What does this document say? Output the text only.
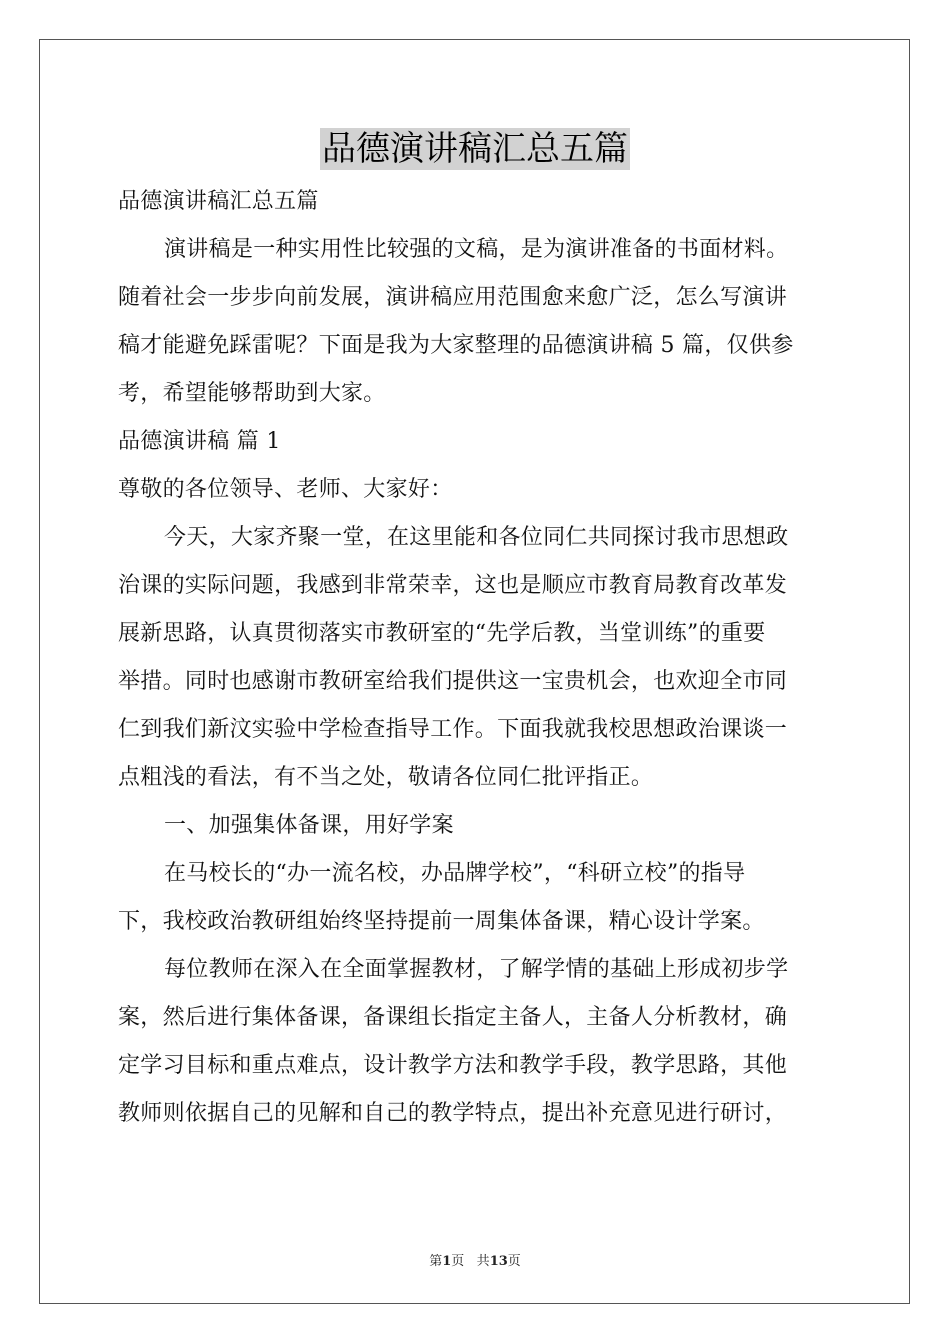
品德演讲稿汇总五篇
品德演讲稿汇总五篇
演讲稿是一种实用性比较强的文稿，是为演讲准备的书面材料。
随着社会一步步向前发展，演讲稿应用范围愈来愈广泛，怎么写演讲
稿才能避免踩雷呢？下面是我为大家整理的品德演讲稿 5 篇，仅供参
考，希望能够帮助到大家。
品德演讲稿 篇 1
尊敬的各位领导、老师、大家好：
今天，大家齐聚一堂，在这里能和各位同仁共同探讨我市思想政
治课的实际问题，我感到非常荣幸，这也是顺应市教育局教育改革发
展新思路，认真贯彻落实市教研室的“先学后教，当堂训练”的重要
举措。同时也感谢市教研室给我们提供这一宝贵机会，也欢迎全市同
仁到我们新汶实验中学检查指导工作。下面我就我校思想政治课谈一
点粗浅的看法，有不当之处，敬请各位同仁批评指正。
一、加强集体备课，用好学案
在马校长的“办一流名校，办品牌学校”，“科研立校”的指导
下，我校政治教研组始终坚持提前一周集体备课，精心设计学案。
每位教师在深入在全面掌握教材，了解学情的基础上形成初步学
案，然后进行集体备课，备课组长指定主备人，主备人分析教材，确
定学习目标和重点难点，设计教学方法和教学手段，教学思路，其他
教师则依据自己的见解和自己的教学特点，提出补充意见进行研讨，
第1页 共13页
